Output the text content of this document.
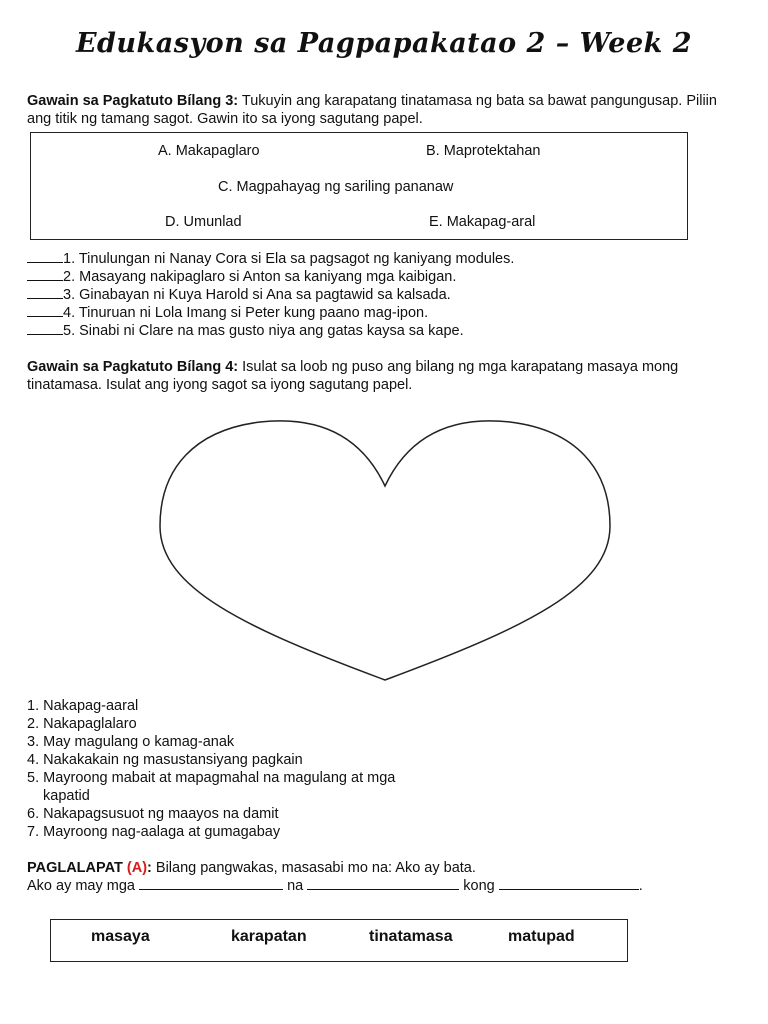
Edukasyon sa Pagpapakatao 2 – Week 2
Gawain sa Pagkatuto Bílang 3: Tukuyin ang karapatang tinatamasa ng bata sa bawat pangungusap. Piliin ang titik ng tamang sagot. Gawin ito sa iyong sagutang papel.
A. Makapaglaro	B. Maprotektahan
C. Magpahayag ng sariling pananaw
D. Umunlad	E. Makapag-aral
1. Tinulungan ni Nanay Cora si Ela sa pagsagot ng kaniyang modules.
2. Masayang nakipaglaro si Anton sa kaniyang mga kaibigan.
3. Ginabayan ni Kuya Harold si Ana sa pagtawid sa kalsada.
4. Tinuruan ni Lola Imang si Peter kung paano mag-ipon.
5. Sinabi ni Clare na mas gusto niya ang gatas kaysa sa kape.
Gawain sa Pagkatuto Bílang 4: Isulat sa loob ng puso ang bilang ng mga karapatang masaya mong tinatamasa. Isulat ang iyong sagot sa iyong sagutang papel.
1. Nakapag-aaral
2. Nakapaglalaro
3. May magulang o kamag-anak
4. Nakakakain ng masustansiyang pagkain
5. Mayroong mabait at mapagmahal na magulang at mga
kapatid
6. Nakapagsusuot ng maayos na damit
7. Mayroong nag-aalaga at gumagabay
PAGLALAPAT (A): Bilang pangwakas, masasabi mo na: Ako ay bata.
Ako ay may mga	na	kong	.
masaya	karapatan	tinatamasa	matupad
